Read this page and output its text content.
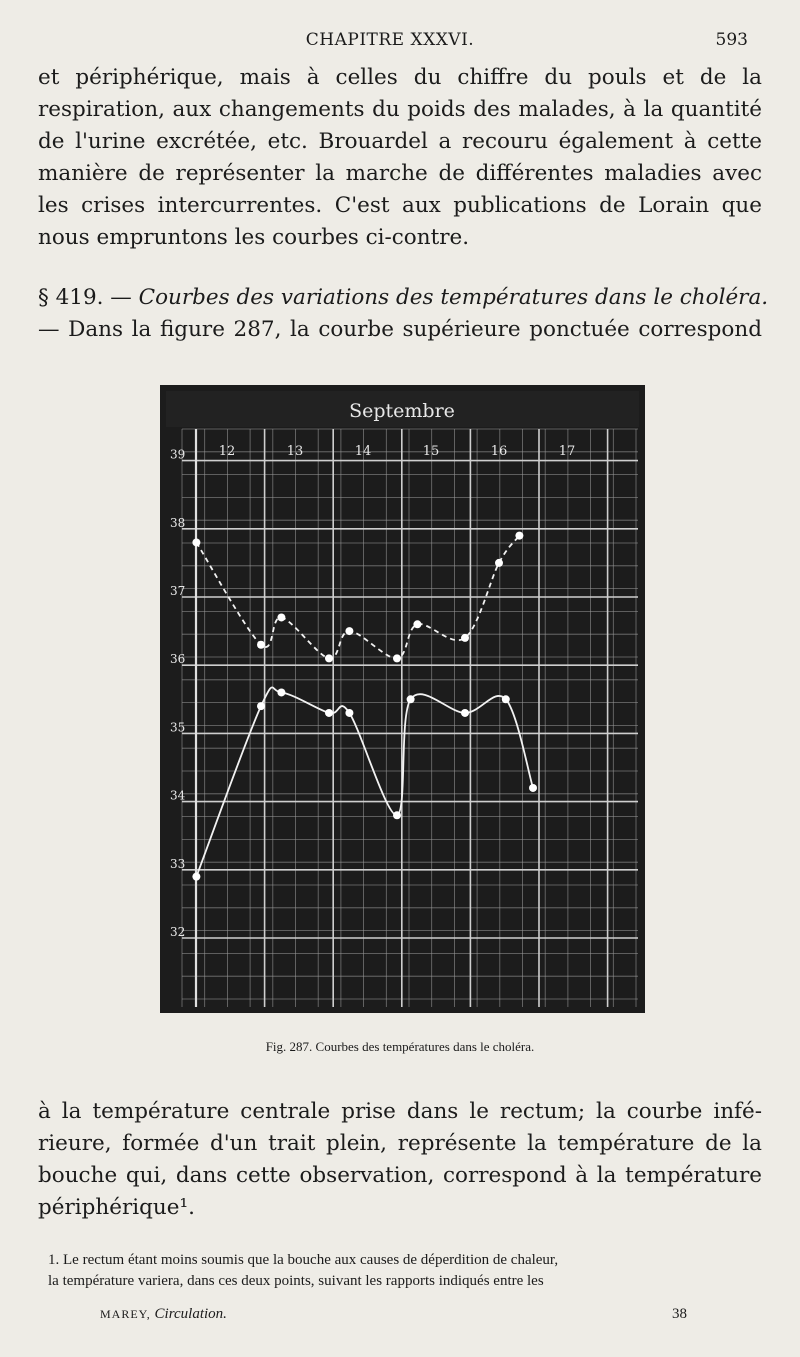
CHAPITRE XXXVI.	593

et périphérique, mais à celles du chiffre du pouls et de la
respiration, aux changements du poids des malades, à la quantité
de l'urine excrétée, etc. Brouardel a recouru également à cette
manière de représenter la marche de différentes maladies avec
les crises intercurrentes. C'est aux publications de Lorain que
nous empruntons les courbes ci-contre.

§ 419. — Courbes des variations des températures dans le choléra.
— Dans la figure 287, la courbe supérieure ponctuée correspond

Septembre
12	13	14	15	16	17
39
38
37
36
35
34
33
32
Fig. 287. Courbes des températures dans le choléra.

à la température centrale prise dans le rectum; la courbe infé-
rieure, formée d'un trait plein, représente la température de la
bouche qui, dans cette observation, correspond à la température
périphérique¹.

1. Le rectum étant moins soumis que la bouche aux causes de déperdition de chaleur,
la température variera, dans ces deux points, suivant les rapports indiqués entre les
MAREY, Circulation.	38
